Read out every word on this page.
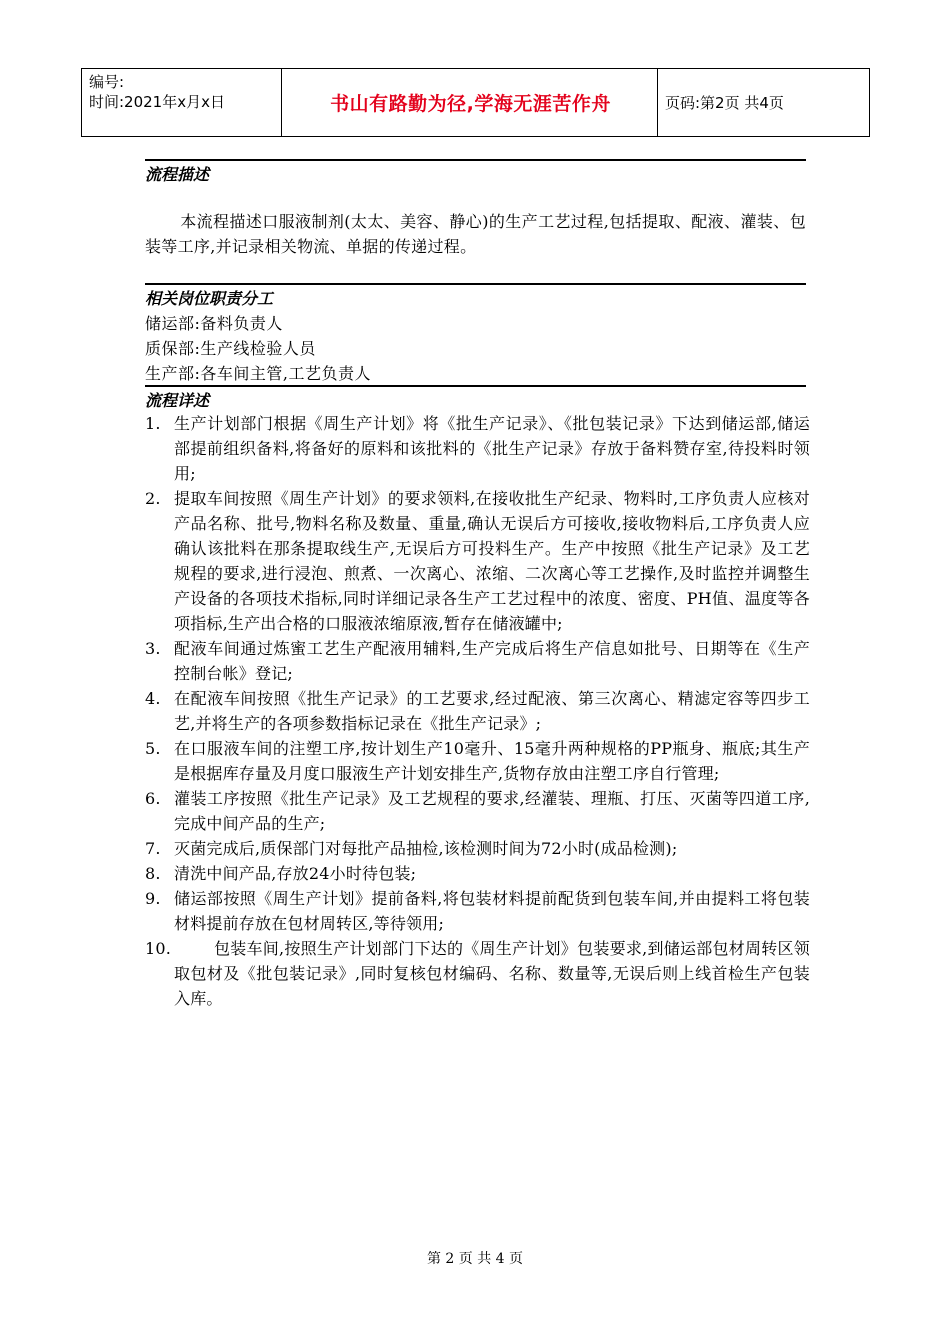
编号:
时间:2021年x月x日	书山有路勤为径,学海无涯苦作舟	页码:第2页 共4页
流程描述
本流程描述口服液制剂(太太、美容、静心)的生产工艺过程,包括提取、配液、灌装、包装等工序,并记录相关物流、单据的传递过程。
相关岗位职责分工
储运部:备料负责人
质保部:生产线检验人员
生产部:各车间主管,工艺负责人
流程详述
1. 生产计划部门根据《周生产计划》将《批生产记录》、《批包装记录》下达到储运部,储运部提前组织备料,将备好的原料和该批料的《批生产记录》存放于备料赞存室,待投料时领用;
2. 提取车间按照《周生产计划》的要求领料,在接收批生产纪录、物料时,工序负责人应核对产品名称、批号,物料名称及数量、重量,确认无误后方可接收,接收物料后,工序负责人应确认该批料在那条提取线生产,无误后方可投料生产。生产中按照《批生产记录》及工艺规程的要求,进行浸泡、煎煮、一次离心、浓缩、二次离心等工艺操作,及时监控并调整生产设备的各项技术指标,同时详细记录各生产工艺过程中的浓度、密度、PH值、温度等各项指标,生产出合格的口服液浓缩原液,暂存在储液罐中;
3. 配液车间通过炼蜜工艺生产配液用辅料,生产完成后将生产信息如批号、日期等在《生产控制台帐》登记;
4. 在配液车间按照《批生产记录》的工艺要求,经过配液、第三次离心、精滤定容等四步工艺,并将生产的各项参数指标记录在《批生产记录》;
5. 在口服液车间的注塑工序,按计划生产10毫升、15毫升两种规格的PP瓶身、瓶底;其生产是根据库存量及月度口服液生产计划安排生产,货物存放由注塑工序自行管理;
6. 灌装工序按照《批生产记录》及工艺规程的要求,经灌装、理瓶、打压、灭菌等四道工序,完成中间产品的生产;
7. 灭菌完成后,质保部门对每批产品抽检,该检测时间为72小时(成品检测);
8. 清洗中间产品,存放24小时待包装;
9. 储运部按照《周生产计划》提前备料,将包装材料提前配货到包装车间,并由提料工将包装材料提前存放在包材周转区,等待领用;
10.	包装车间,按照生产计划部门下达的《周生产计划》包装要求,到储运部包材周转区领取包材及《批包装记录》,同时复核包材编码、名称、数量等,无误后则上线首检生产包装入库。
第 2 页 共 4 页
